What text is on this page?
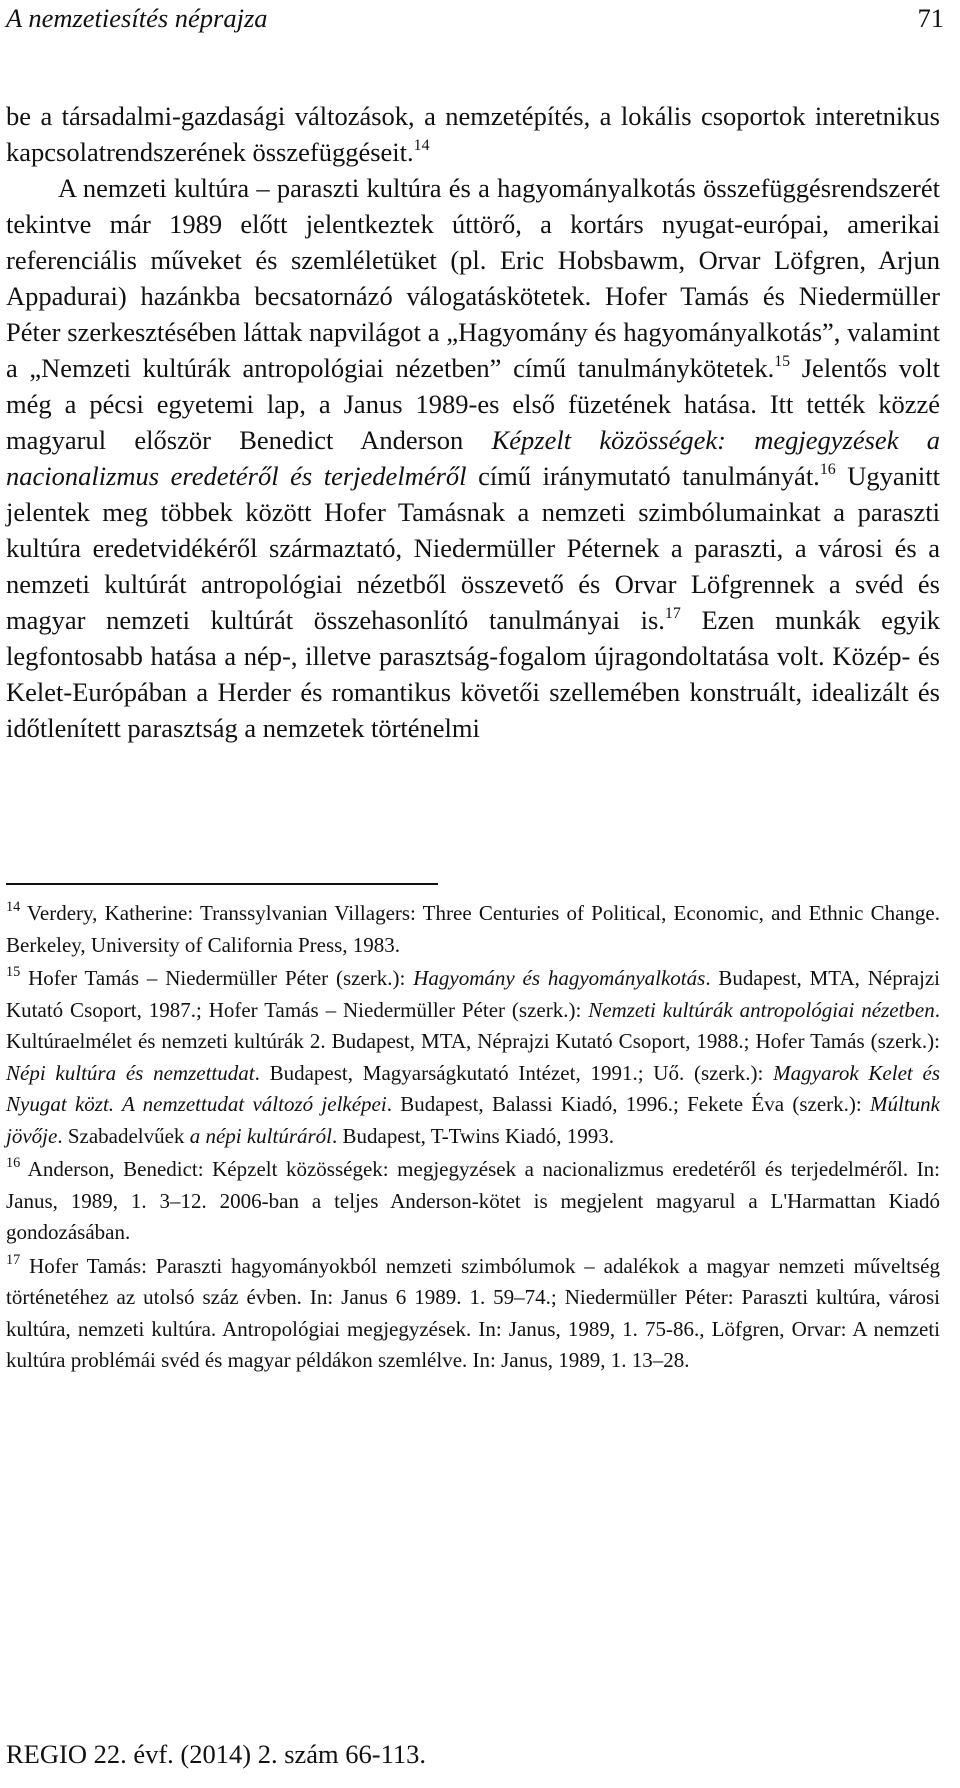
A nemzetiesítés néprajza	71

be a társadalmi-gazdasági változások, a nemzetépítés, a lokális csoportok interetnikus kapcsolatrendszerének összefüggéseit.$^{14}$

A nemzeti kultúra – paraszti kultúra és a hagyományalkotás összefüggésrendszerét tekintve már 1989 előtt jelentkeztek úttörő, a kortárs nyugat-európai, amerikai referenciális műveket és szemléletüket (pl. Eric Hobsbawm, Orvar Löfgren, Arjun Appadurai) hazánkba becsatornázó válogatáskötetek. Hofer Tamás és Niedermüller Péter szerkesztésében láttak napvilágot a „Hagyomány és hagyományalkotás”, valamint a „Nemzeti kultúrák antropológiai nézetben” című tanulmánykötetek.$^{15}$ Jelentős volt még a pécsi egyetemi lap, a Janus 1989-es első füzetének hatása. Itt tették közzé magyarul először Benedict Anderson Képzelt közösségek: megjegyzések a nacionalizmus eredetéről és terjedelméről című iránymutató tanulmányát.$^{16}$ Ugyanitt jelentek meg többek között Hofer Tamásnak a nemzeti szimbólumainkat a paraszti kultúra eredetvidékéről származtató, Niedermüller Péternek a paraszti, a városi és a nemzeti kultúrát antropológiai nézetből összevető és Orvar Löfgrennek a svéd és magyar nemzeti kultúrát összehasonlító tanulmányai is.$^{17}$ Ezen munkák egyik legfontosabb hatása a nép-, illetve parasztság-fogalom újragondoltatása volt. Közép- és Kelet-Európában a Herder és romantikus követői szellemében konstruált, idealizált és időtlenített parasztság a nemzetek történelmi

$^{14}$ Verdery, Katherine: Transsylvanian Villagers: Three Centuries of Political, Economic, and Ethnic Change. Berkeley, University of California Press, 1983.

$^{15}$ Hofer Tamás – Niedermüller Péter (szerk.): Hagyomány és hagyományalkotás. Budapest, MTA, Néprajzi Kutató Csoport, 1987.; Hofer Tamás – Niedermüller Péter (szerk.): Nemzeti kultúrák antropológiai nézetben. Kultúraelmélet és nemzeti kultúrák 2. Budapest, MTA, Néprajzi Kutató Csoport, 1988.; Hofer Tamás (szerk.): Népi kultúra és nemzettudat. Budapest, Magyarságkutató Intézet, 1991.; Uő. (szerk.): Magyarok Kelet és Nyugat közt. A nemzettudat változó jelképei. Budapest, Balassi Kiadó, 1996.; Fekete Éva (szerk.): Múltunk jövője. Szabadelvűek a népi kultúráról. Budapest, T-Twins Kiadó, 1993.

$^{16}$ Anderson, Benedict: Képzelt közösségek: megjegyzések a nacionalizmus eredetéről és terjedelméről. In: Janus, 1989, 1. 3–12. 2006-ban a teljes Anderson-kötet is megjelent magyarul a L'Harmattan Kiadó gondozásában.

$^{17}$ Hofer Tamás: Paraszti hagyományokból nemzeti szimbólumok – adalékok a magyar nemzeti műveltség történetéhez az utolsó száz évben. In: Janus 6 1989. 1. 59–74.; Niedermüller Péter: Paraszti kultúra, városi kultúra, nemzeti kultúra. Antropológiai megjegyzések. In: Janus, 1989, 1. 75-86., Löfgren, Orvar: A nemzeti kultúra problémái svéd és magyar példákon szemlélve. In: Janus, 1989, 1. 13–28.

REGIO 22. évf. (2014) 2. szám 66-113.
